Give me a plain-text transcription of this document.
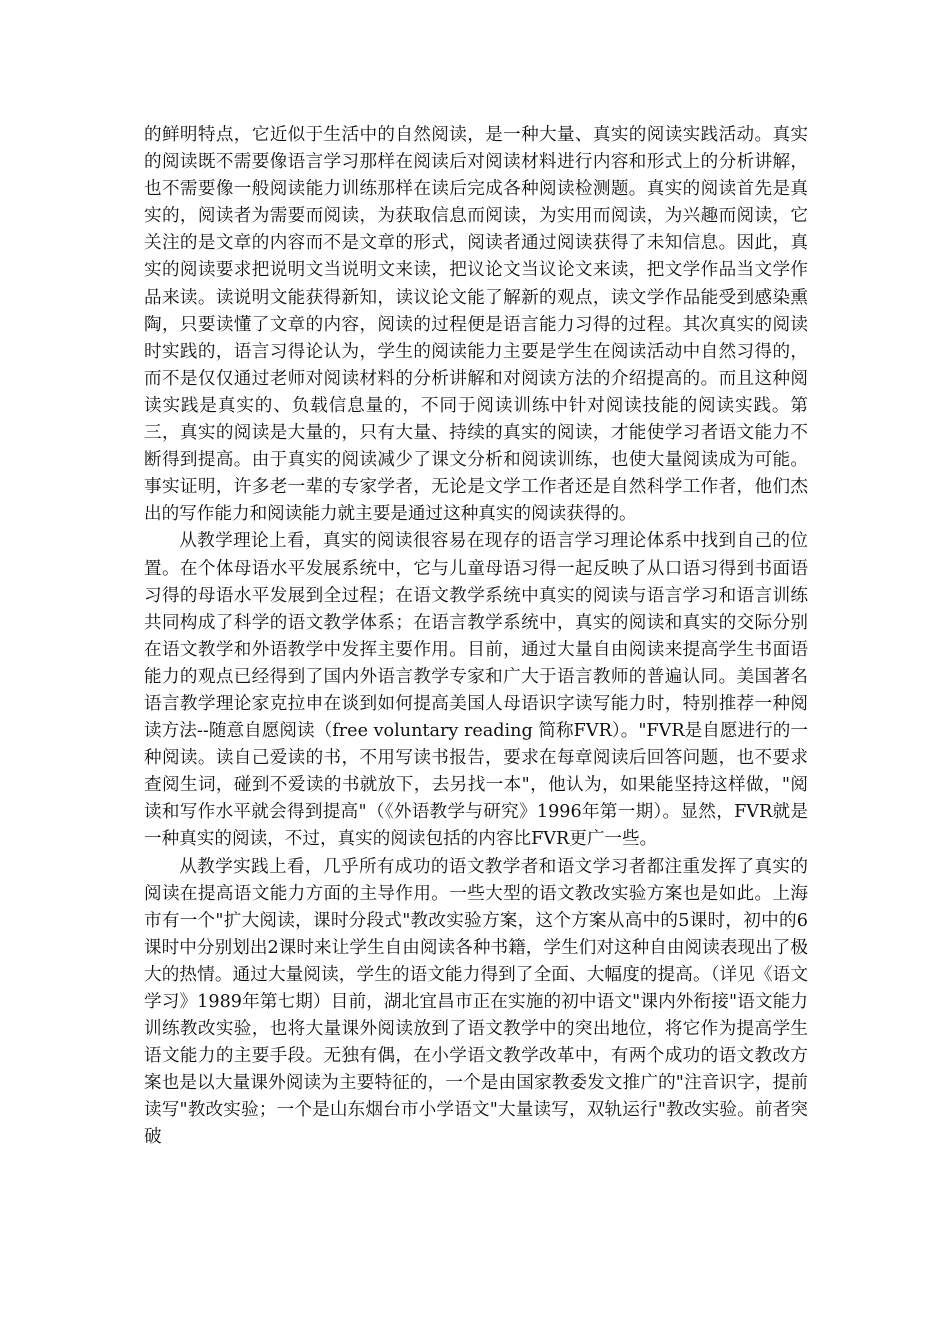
的鲜明特点，它近似于生活中的自然阅读，是一种大量、真实的阅读实践活动。真实的阅读既不需要像语言学习那样在阅读后对阅读材料进行内容和形式上的分析讲解，也不需要像一般阅读能力训练那样在读后完成各种阅读检测题。真实的阅读首先是真实的，阅读者为需要而阅读，为获取信息而阅读，为实用而阅读，为兴趣而阅读，它关注的是文章的内容而不是文章的形式，阅读者通过阅读获得了未知信息。因此，真实的阅读要求把说明文当说明文来读，把议论文当议论文来读，把文学作品当文学作品来读。读说明文能获得新知，读议论文能了解新的观点，读文学作品能受到感染熏陶，只要读懂了文章的内容，阅读的过程便是语言能力习得的过程。其次真实的阅读时实践的，语言习得论认为，学生的阅读能力主要是学生在阅读活动中自然习得的，而不是仅仅通过老师对阅读材料的分析讲解和对阅读方法的介绍提高的。而且这种阅读实践是真实的、负载信息量的，不同于阅读训练中针对阅读技能的阅读实践。第三，真实的阅读是大量的，只有大量、持续的真实的阅读，才能使学习者语文能力不断得到提高。由于真实的阅读减少了课文分析和阅读训练，也使大量阅读成为可能。事实证明，许多老一辈的专家学者，无论是文学工作者还是自然科学工作者，他们杰出的写作能力和阅读能力就主要是通过这种真实的阅读获得的。

从教学理论上看，真实的阅读很容易在现存的语言学习理论体系中找到自己的位置。在个体母语水平发展系统中，它与儿童母语习得一起反映了从口语习得到书面语习得的母语水平发展到全过程；在语文教学系统中真实的阅读与语言学习和语言训练共同构成了科学的语文教学体系；在语言教学系统中，真实的阅读和真实的交际分别在语文教学和外语教学中发挥主要作用。目前，通过大量自由阅读来提高学生书面语能力的观点已经得到了国内外语言教学专家和广大于语言教师的普遍认同。美国著名语言教学理论家克拉申在谈到如何提高美国人母语识字读写能力时，特别推荐一种阅读方法--随意自愿阅读（free voluntary reading 简称FVR）。"FVR是自愿进行的一种阅读。读自己爱读的书，不用写读书报告，要求在每章阅读后回答问题，也不要求查阅生词，碰到不爱读的书就放下，去另找一本"，他认为，如果能坚持这样做，"阅读和写作水平就会得到提高"（《外语教学与研究》1996年第一期）。显然，FVR就是一种真实的阅读，不过，真实的阅读包括的内容比FVR更广一些。

从教学实践上看，几乎所有成功的语文教学者和语文学习者都注重发挥了真实的阅读在提高语文能力方面的主导作用。一些大型的语文教改实验方案也是如此。上海市有一个"扩大阅读，课时分段式"教改实验方案，这个方案从高中的5课时，初中的6课时中分别划出2课时来让学生自由阅读各种书籍，学生们对这种自由阅读表现出了极大的热情。通过大量阅读，学生的语文能力得到了全面、大幅度的提高。（详见《语文学习》1989年第七期）目前，湖北宜昌市正在实施的初中语文"课内外衔接"语文能力训练教改实验，也将大量课外阅读放到了语文教学中的突出地位，将它作为提高学生语文能力的主要手段。无独有偶，在小学语文教学改革中，有两个成功的语文教改方案也是以大量课外阅读为主要特征的，一个是由国家教委发文推广的"注音识字，提前读写"教改实验；一个是山东烟台市小学语文"大量读写，双轨运行"教改实验。前者突破
